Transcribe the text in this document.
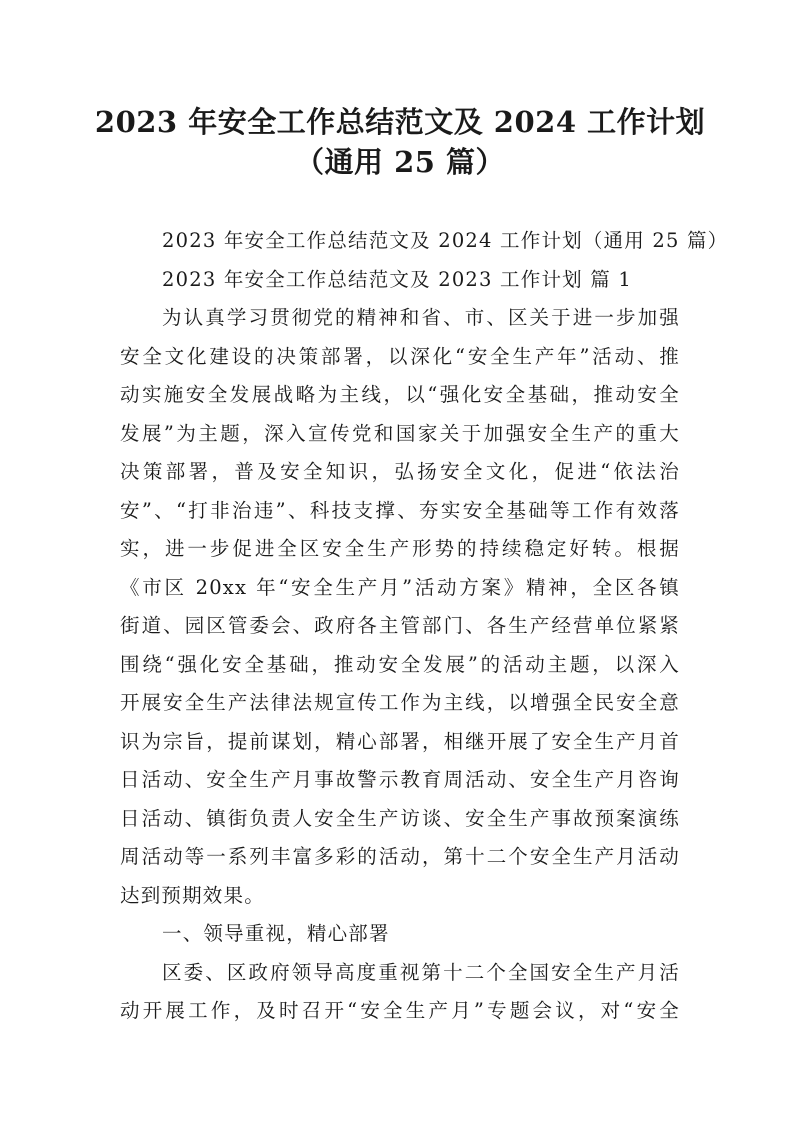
2023 年安全工作总结范文及 2024 工作计划
（通用 25 篇）
2023 年安全工作总结范文及 2024 工作计划（通用 25 篇）
2023 年安全工作总结范文及 2023 工作计划 篇 1
为认真学习贯彻党的精神和省、市、区关于进一步加强
安全文化建设的决策部署，以深化“安全生产年”活动、推
动实施安全发展战略为主线，以“强化安全基础，推动安全
发展”为主题，深入宣传党和国家关于加强安全生产的重大
决策部署，普及安全知识，弘扬安全文化，促进“依法治
安”、“打非治违”、科技支撑、夯实安全基础等工作有效落
实，进一步促进全区安全生产形势的持续稳定好转。根据
《市区 20xx 年“安全生产月”活动方案》精神，全区各镇
街道、园区管委会、政府各主管部门、各生产经营单位紧紧
围绕“强化安全基础，推动安全发展”的活动主题，以深入
开展安全生产法律法规宣传工作为主线，以增强全民安全意
识为宗旨，提前谋划，精心部署，相继开展了安全生产月首
日活动、安全生产月事故警示教育周活动、安全生产月咨询
日活动、镇街负责人安全生产访谈、安全生产事故预案演练
周活动等一系列丰富多彩的活动，第十二个安全生产月活动
达到预期效果。
一、领导重视，精心部署
区委、区政府领导高度重视第十二个全国安全生产月活
动开展工作，及时召开“安全生产月”专题会议，对“安全
